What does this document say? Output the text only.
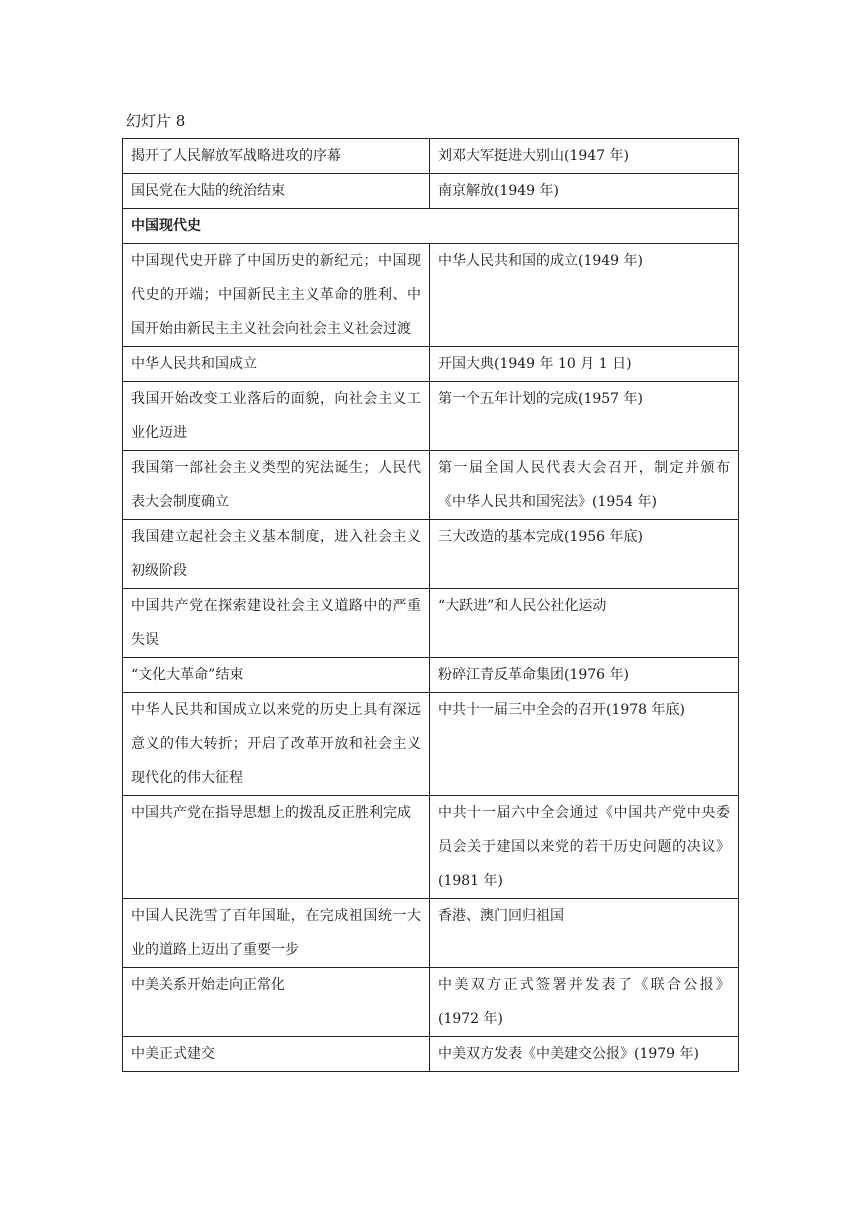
幻灯片 8
揭开了人民解放军战略进攻的序幕	刘邓大军挺进大别山(1947 年)
国民党在大陆的统治结束	南京解放(1949 年)
中国现代史	
中国现代史开辟了中国历史的新纪元；中国现代史的开端；中国新民主主义革命的胜利、中国开始由新民主主义社会向社会主义社会过渡	中华人民共和国的成立(1949 年)
中华人民共和国成立	开国大典(1949 年 10 月 1 日)
我国开始改变工业落后的面貌，向社会主义工业化迈进	第一个五年计划的完成(1957 年)
我国第一部社会主义类型的宪法诞生；人民代表大会制度确立	第一届全国人民代表大会召开，制定并颁布《中华人民共和国宪法》(1954 年)
我国建立起社会主义基本制度，进入社会主义初级阶段	三大改造的基本完成(1956 年底)
中国共产党在探索建设社会主义道路中的严重失误	“大跃进”和人民公社化运动
“文化大革命”结束	粉碎江青反革命集团(1976 年)
中华人民共和国成立以来党的历史上具有深远意义的伟大转折；开启了改革开放和社会主义现代化的伟大征程	中共十一届三中全会的召开(1978 年底)
中国共产党在指导思想上的拨乱反正胜利完成	中共十一届六中全会通过《中国共产党中央委员会关于建国以来党的若干历史问题的决议》(1981 年)
中国人民洗雪了百年国耻，在完成祖国统一大业的道路上迈出了重要一步	香港、澳门回归祖国
中美关系开始走向正常化	中美双方正式签署并发表了《联合公报》(1972 年)
中美正式建交	中美双方发表《中美建交公报》(1979 年)
